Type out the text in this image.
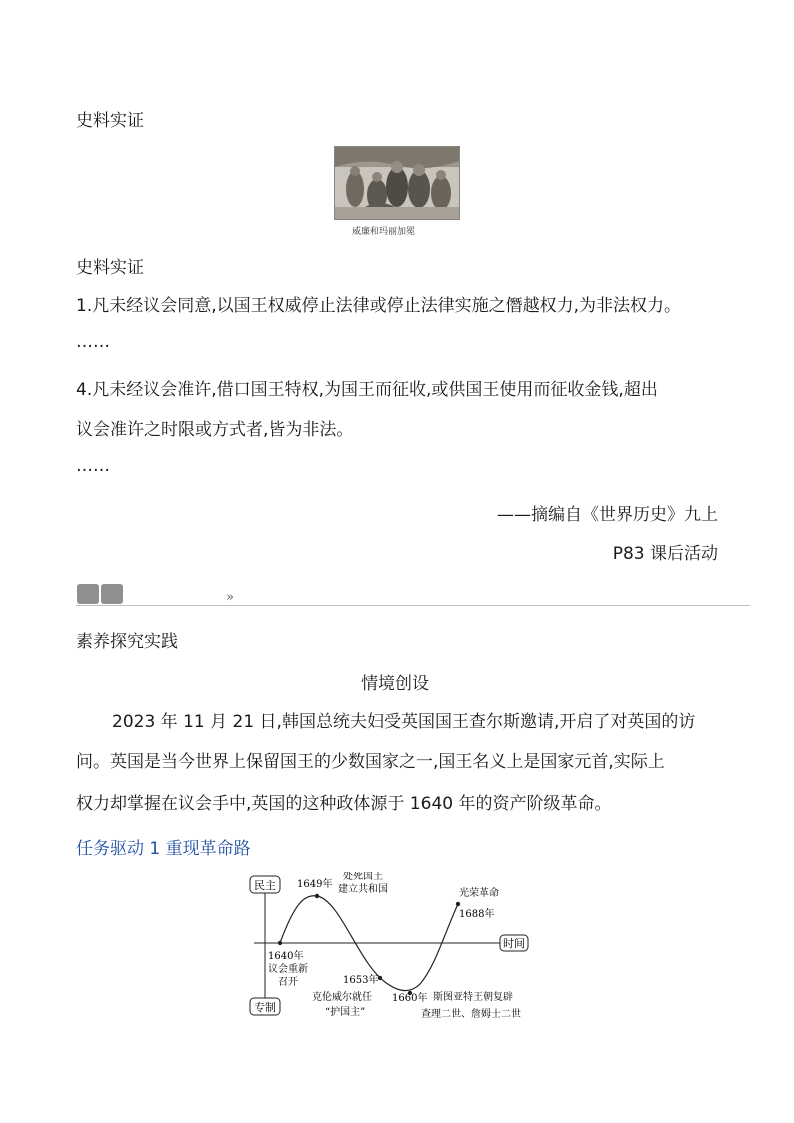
史料实证
威廉和玛丽加冕
史料实证
1.凡未经议会同意,以国王权威停止法律或停止法律实施之僭越权力,为非法权力。
……
4.凡未经议会准许,借口国王特权,为国王而征收,或供国王使用而征收金钱,超出
议会准许之时限或方式者,皆为非法。
……
——摘编自《世界历史》九上
P83 课后活动
»
素养探究实践
情境创设
2023 年 11 月 21 日,韩国总统夫妇受英国国王查尔斯邀请,开启了对英国的访
问。英国是当今世界上保留国王的少数国家之一,国王名义上是国家元首,实际上
权力却掌握在议会手中,英国的这种政体源于 1640 年的资产阶级革命。
任务驱动 1 重现革命路
民主
专制
时间
1640年
议会重新
召开
1649年
处死国王
建立共和国
1653年
克伦威尔就任
“护国主”
1660年 斯图亚特王朝复辟
查理二世、詹姆士二世
光荣革命
1688年
